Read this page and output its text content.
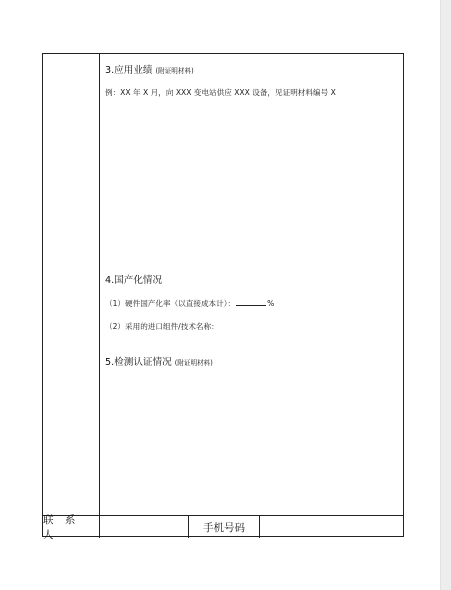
3.应用业绩 (附证明材料)
例：XX 年 X 月，向 XXX 变电站供应 XXX 设备，见证明材料编号 X
4.国产化情况
（1）硬件国产化率（以直接成本计）：	%
（2）采用的进口组件/技术名称：
5.检测认证情况 (附证明材料)
联 系 人
手机号码
